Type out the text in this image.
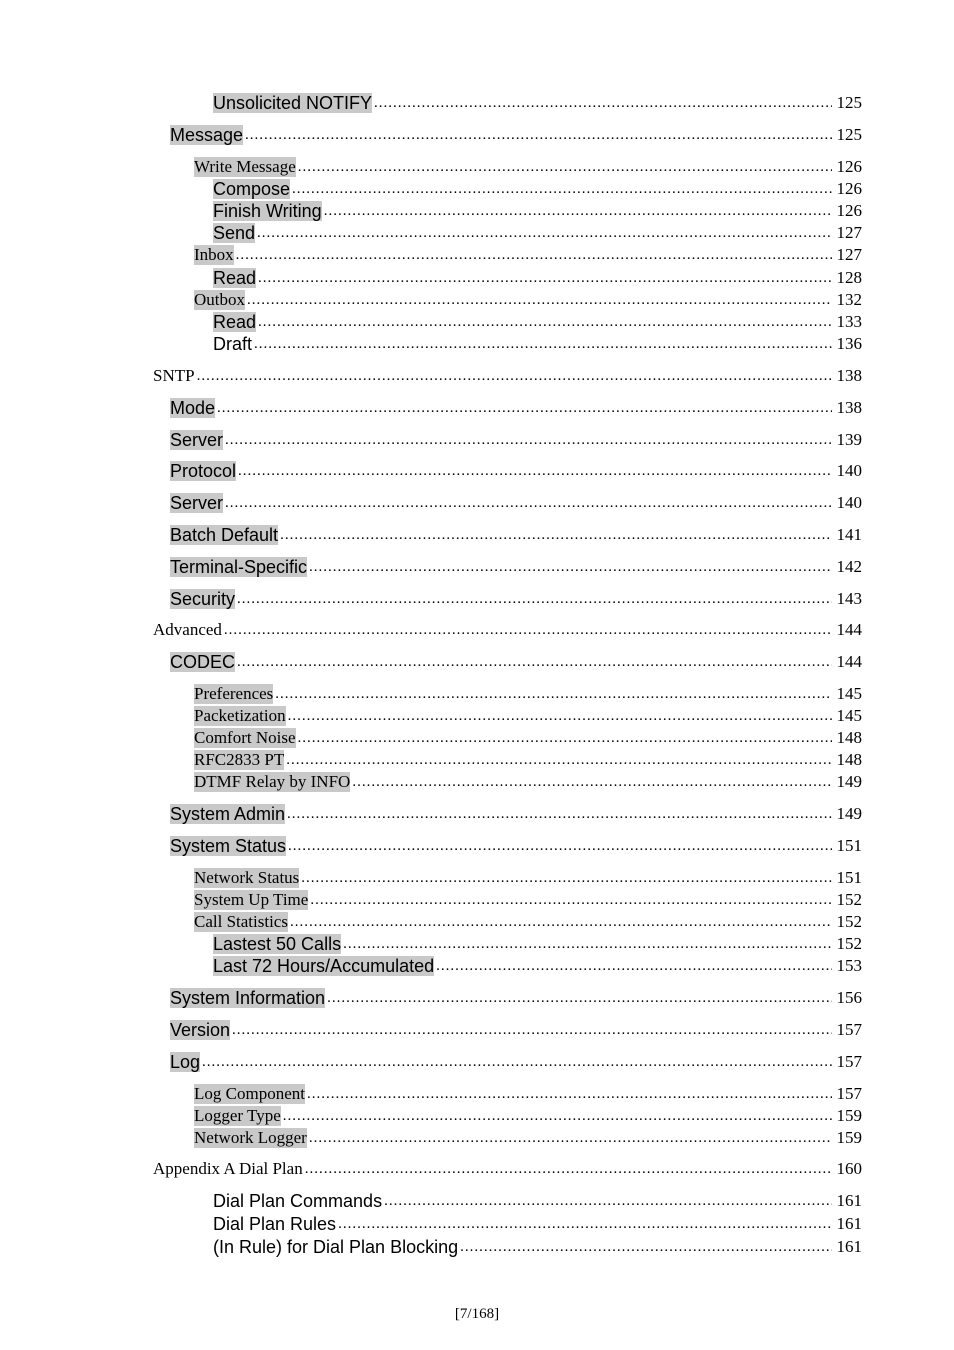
Unsolicited NOTIFY .....	125
Message .....	125
Write Message .....	126
Compose .....	126
Finish Writing .....	126
Send .....	127
Inbox .....	127
Read .....	128
Outbox .....	132
Read .....	133
Draft .....	136
SNTP .....	138
Mode .....	138
Server .....	139
Protocol .....	140
Server .....	140
Batch Default .....	141
Terminal-Specific .....	142
Security .....	143
Advanced .....	144
CODEC .....	144
Preferences .....	145
Packetization .....	145
Comfort Noise .....	148
RFC2833 PT .....	148
DTMF Relay by INFO .....	149
System Admin .....	149
System Status .....	151
Network Status .....	151
System Up Time .....	152
Call Statistics .....	152
Lastest 50 Calls .....	152
Last 72 Hours/Accumulated .....	153
System Information .....	156
Version .....	157
Log .....	157
Log Component .....	157
Logger Type .....	159
Network Logger .....	159
Appendix A Dial Plan .....	160
Dial Plan Commands .....	161
Dial Plan Rules .....	161
(In Rule) for Dial Plan Blocking .....	161
[7/168]
